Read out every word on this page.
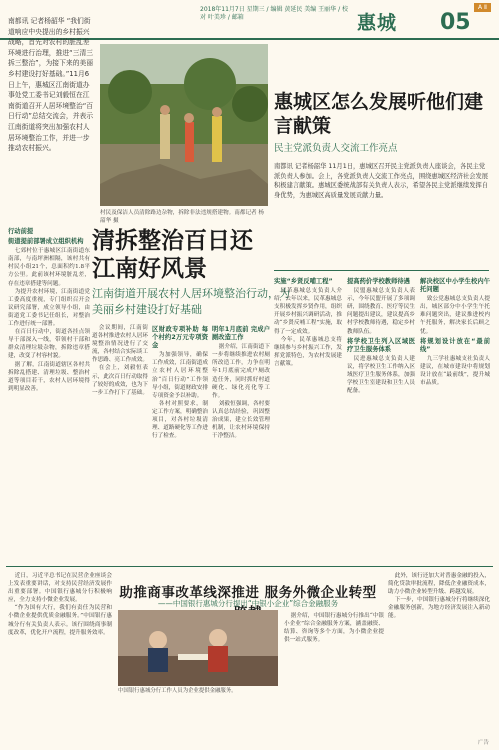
2018年11月7日 星期三 / 编辑 黄延民 美编 王丽华 / 校对 叶美珍 / 邮箱	惠城 05
A Ⅱ
南都讯 记者杨韶华 “我们街道响应中央提出的乡村振兴战略，首先对农村的脏乱差环境进行治理，推进“三清三拆三整治”，为接下来的美丽乡村建设打好基础。”11月6日上午，惠城区江南街道办事处党工委书记刘毅恒在江南街道召开人居环境整治“百日行动”总结交流会，并表示江南街道将突出加强农村人居环境整治工作，并进一步推动农村振兴。
村民及保洁人员清除路边杂物，拆除非法违规搭建物。南都记者 杨韶华 摄
行动前提
街道提前部署成立组织机构

七郊村位于惠城区江南街道东南部，与南坪洲相隔，该村共有村民小组21个，总面积约1.8平方公里。此前该村环境脏乱差，存在违章搭建等问题。

为提升农村环境，江南街道党工委高度重视，专门组织召开会议研究部署，成立领导小组，由街道党工委书记任组长，对整治工作进行统一部署。

在百日行动中，街道各挂点领导干部深入一线，带领村干部和群众清理垃圾杂物，拆除违章搭建，改变了村容村貌。

据了解，江南街道辖区各村共拆除乱搭建、清理垃圾、整治村道等项目若干，农村人居环境得到明显改善。

清拆整治百日还江南好风景
江南街道开展农村人居环境整治行动，为美丽乡村建设打好基础

会议期间，江南街道各村推进农村人居环境整治情况进行了交流，各村结合实际谈工作思路、亮工作成效。

在会上，刘毅恒表示，此次百日行动取得了较好的成效，也为下一步工作打下了基础。

区财政专项补助 每个村约2万元专项资金

为加强领导，确保工作成效，江南街道成立农村人居环境整治“百日行动”工作领导小组，街道财政安排专项资金予以补助。

各村对照要求，制定工作方案，明确整治项目，对各村垃圾清理、道路硬化等工作进行了检查。

明年1月底前 完成户厕改造工作

据介绍，江南街道下一步将继续推进农村厕所改造工作，力争在明年1月底前完成户厕改造任务，同时抓好村道硬化、绿化亮化等工作。

刘毅恒强调，各村要认真总结经验，巩固整治成果，建立长效管理机制，让农村环境保持干净整洁。

惠城区怎么发展听他们建言献策
民主党派负责人交流工作亮点
南都讯 记者杨韶华 11月1日，惠城区召开民主党派负责人座谈会，各民主党派负责人参加。会上，各党派负责人交流工作亮点，围绕惠城区经济社会发展积极建言献策。惠城区委统战部有关负责人表示，希望各民主党派继续发挥自身优势，为惠城区高质量发展贡献力量。
实施“乡贤反哺工程”

民革惠城总支负责人介绍，去年以来，民革惠城总支积极发挥乡贤作用，组织开展乡村振兴调研活动，推动“乡贤反哺工程”实施，取得了一定成效。

今年，民革惠城总支将继续参与乡村振兴工作，发挥党派特色，为农村发展建言献策。

提高药价学校教师待遇

民盟惠城总支负责人表示，今年民盟开展了多项调研，围绕教育、医疗等民生问题提出建议，建议提高乡村学校教师待遇，稳定乡村教师队伍。

将学校卫生列入区域医疗卫生服务体系

民进惠城总支负责人建议，将学校卫生工作纳入区域医疗卫生服务体系，加强学校卫生室建设和卫生人员配备。

解决校区中小学生校内午托问题

致公党惠城总支负责人提出，城区部分中小学生午托难问题突出，建议推进校内午托服务，解决家长后顾之忧。

将规划设计放在“最前线”

九三学社惠城支社负责人建议，在城市建设中将规划设计放在“最前线”，提升城市品质。

助推商事改革线深推进 服务外微企业转型
——中国银行惠城分行提出“中银小企业”综合金融服务

近日，习近平总书记在民营企业座谈会上发表重要讲话，对支持民营经济发展作出重要部署。中国银行惠城分行积极响应，全力支持小微企业发展。

“作为国有大行，我们有责任为民营和小微企业提供优质金融服务。”中国银行惠城分行有关负责人表示。该行围绕商事制度改革，优化开户流程，提升服务效率。

中国银行惠城分行工作人员为企业提供金融服务。

据介绍，中国银行惠城分行推出“中银小企业”综合金融服务方案，涵盖融资、结算、咨询等多个方面，为小微企业提供一站式服务。

此外，该行还加大对普惠金融的投入，简化贷款审批流程，降低企业融资成本，助力小微企业转型升级、跨越发展。

下一步，中国银行惠城分行将继续深化金融服务创新，为地方经济发展注入新动能。

广告
